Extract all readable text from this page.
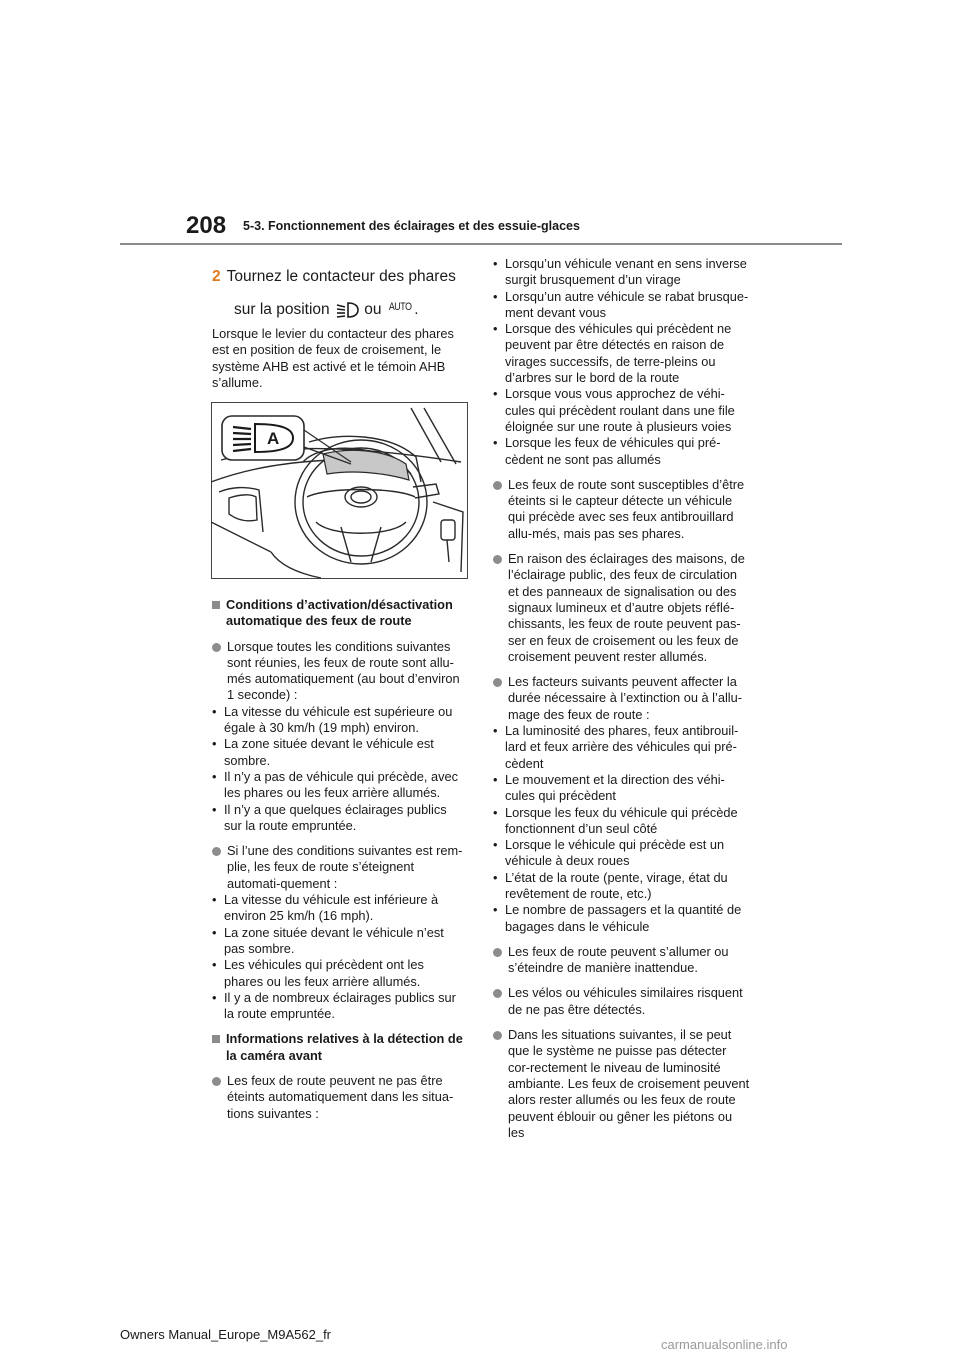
208 5-3. Fonctionnement des éclairages et des essuie-glaces
2 Tournez le contacteur des phares
sur la position ou AUTO .
Lorsque le levier du contacteur des phares est en position de feux de croisement, le système AHB est activé et le témoin AHB s’allume.
A
Conditions d’activation/désactivation automatique des feux de route
Lorsque toutes les conditions suivantes sont réunies, les feux de route sont allu-més automatiquement (au bout d’environ 1 seconde) :
• La vitesse du véhicule est supérieure ou égale à 30 km/h (19 mph) environ.
• La zone située devant le véhicule est sombre.
• Il n’y a pas de véhicule qui précède, avec les phares ou les feux arrière allumés.
• Il n’y a que quelques éclairages publics sur la route empruntée.
Si l’une des conditions suivantes est rem-plie, les feux de route s’éteignent automati-quement :
• La vitesse du véhicule est inférieure à environ 25 km/h (16 mph).
• La zone située devant le véhicule n’est pas sombre.
• Les véhicules qui précèdent ont les phares ou les feux arrière allumés.
• Il y a de nombreux éclairages publics sur la route empruntée.
Informations relatives à la détection de la caméra avant
Les feux de route peuvent ne pas être éteints automatiquement dans les situa-tions suivantes :
• Lorsqu’un véhicule venant en sens inverse surgit brusquement d’un virage
• Lorsqu’un autre véhicule se rabat brusque-ment devant vous
• Lorsque des véhicules qui précèdent ne peuvent par être détectés en raison de virages successifs, de terre-pleins ou d’arbres sur le bord de la route
• Lorsque vous vous approchez de véhi-cules qui précèdent roulant dans une file éloignée sur une route à plusieurs voies
• Lorsque les feux de véhicules qui pré-cèdent ne sont pas allumés
Les feux de route sont susceptibles d’être éteints si le capteur détecte un véhicule qui précède avec ses feux antibrouillard allu-més, mais pas ses phares.
En raison des éclairages des maisons, de l’éclairage public, des feux de circulation et des panneaux de signalisation ou des signaux lumineux et d’autre objets réflé-chissants, les feux de route peuvent pas-ser en feux de croisement ou les feux de croisement peuvent rester allumés.
Les facteurs suivants peuvent affecter la durée nécessaire à l’extinction ou à l’allu-mage des feux de route :
• La luminosité des phares, feux antibrouil-lard et feux arrière des véhicules qui pré-cèdent
• Le mouvement et la direction des véhi-cules qui précèdent
• Lorsque les feux du véhicule qui précède fonctionnent d’un seul côté
• Lorsque le véhicule qui précède est un véhicule à deux roues
• L’état de la route (pente, virage, état du revêtement de route, etc.)
• Le nombre de passagers et la quantité de bagages dans le véhicule
Les feux de route peuvent s’allumer ou s’éteindre de manière inattendue.
Les vélos ou véhicules similaires risquent de ne pas être détectés.
Dans les situations suivantes, il se peut que le système ne puisse pas détecter cor-rectement le niveau de luminosité ambiante. Les feux de croisement peuvent alors rester allumés ou les feux de route peuvent éblouir ou gêner les piétons ou les
Owners Manual_Europe_M9A562_fr
carmanualsonline.info
